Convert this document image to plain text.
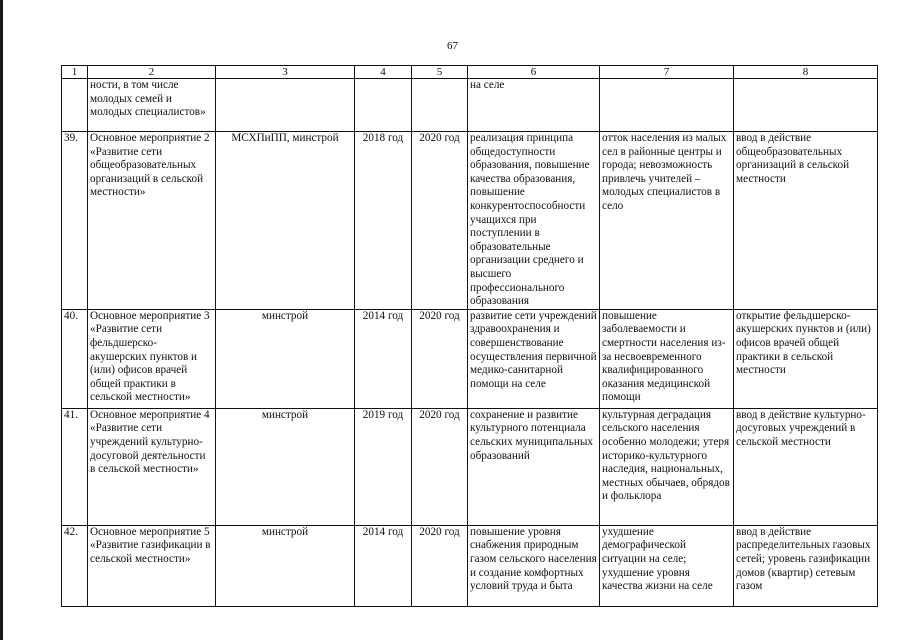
67
1	2	3	4	5	6	7	8
	ности, в том числе молодых семей и молодых специалистов»				на селе		
39.	Основное мероприятие 2 «Развитие сети общеобразовательных организаций в сельской местности»	МСХПиПП, минстрой	2018 год	2020 год	реализация принципа общедоступности образования, повышение качества образования, повышение конкурентоспособности учащихся при поступлении в образовательные организации среднего и высшего профессионального образования	отток населения из малых сел в районные центры и города; невозможность привлечь учителей – молодых специалистов в село	ввод в действие общеобразовательных организаций в сельской местности
40.	Основное мероприятие 3 «Развитие сети фельдшерско-акушерских пунктов и (или) офисов врачей общей практики в сельской местности»	минстрой	2014 год	2020 год	развитие сети учреждений здравоохранения и совершенствование осуществления первичной медико-санитарной помощи на селе	повышение заболеваемости и смертности населения из-за несвоевременного квалифицированного оказания медицинской помощи	открытие фельдшерско-акушерских пунктов и (или) офисов врачей общей практики в сельской местности
41.	Основное мероприятие 4 «Развитие сети учреждений культурно-досуговой деятельности в сельской местности»	минстрой	2019 год	2020 год	сохранение и развитие культурного потенциала сельских муниципальных образований	культурная деградация сельского населения особенно молодежи; утеря историко-культурного наследия, национальных, местных обычаев, обрядов и фольклора	ввод в действие культурно-досуговых учреждений в сельской местности
42.	Основное мероприятие 5 «Развитие газификации в сельской местности»	минстрой	2014 год	2020 год	повышение уровня снабжения природным газом сельского населения и создание комфортных условий труда и быта	ухудшение демографической ситуации на селе; ухудшение уровня качества жизни на селе	ввод в действие распределительных газовых сетей; уровень газификации домов (квартир) сетевым газом
